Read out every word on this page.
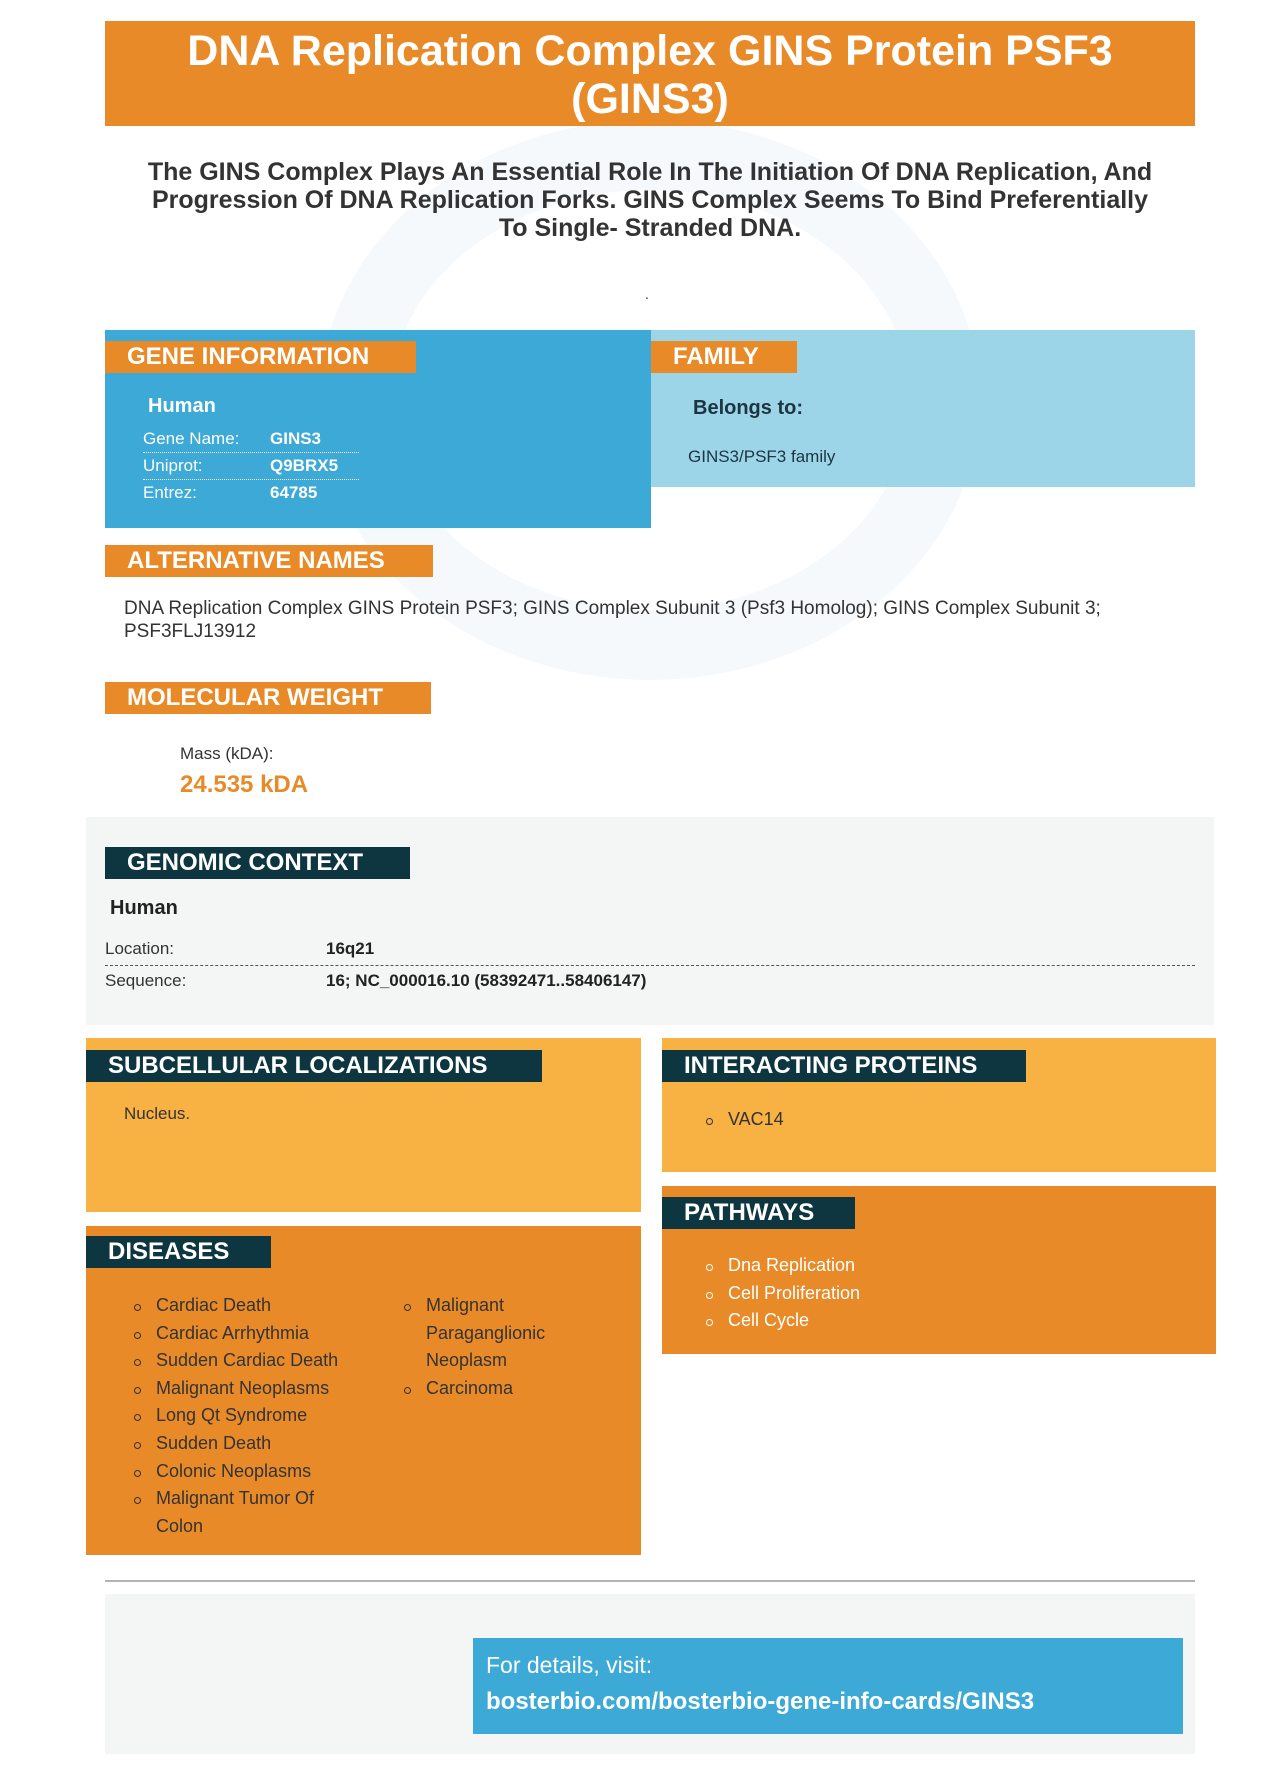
DNA Replication Complex GINS Protein PSF3 (GINS3)
The GINS Complex Plays An Essential Role In The Initiation Of DNA Replication, And Progression Of DNA Replication Forks. GINS Complex Seems To Bind Preferentially To Single- Stranded DNA.
.
GENE INFORMATION
Human
Gene Name: GINS3
Uniprot:	Q9BRX5
Entrez:	64785
FAMILY
Belongs to:
GINS3/PSF3 family
ALTERNATIVE NAMES
DNA Replication Complex GINS Protein PSF3; GINS Complex Subunit 3 (Psf3 Homolog); GINS Complex Subunit 3; PSF3FLJ13912
MOLECULAR WEIGHT
Mass (kDA):
24.535 kDA
GENOMIC CONTEXT
Human
Location:	16q21
Sequence:	16; NC_000016.10 (58392471..58406147)
SUBCELLULAR LOCALIZATIONS
Nucleus.
INTERACTING PROTEINS
VAC14
PATHWAYS
Dna Replication
Cell Proliferation
Cell Cycle
DISEASES
Cardiac Death
Cardiac Arrhythmia
Sudden Cardiac Death
Malignant Neoplasms
Long Qt Syndrome
Sudden Death
Colonic Neoplasms
Malignant Tumor Of Colon
Malignant Paraganglionic Neoplasm
Carcinoma
For details, visit:
bosterbio.com/bosterbio-gene-info-cards/GINS3
